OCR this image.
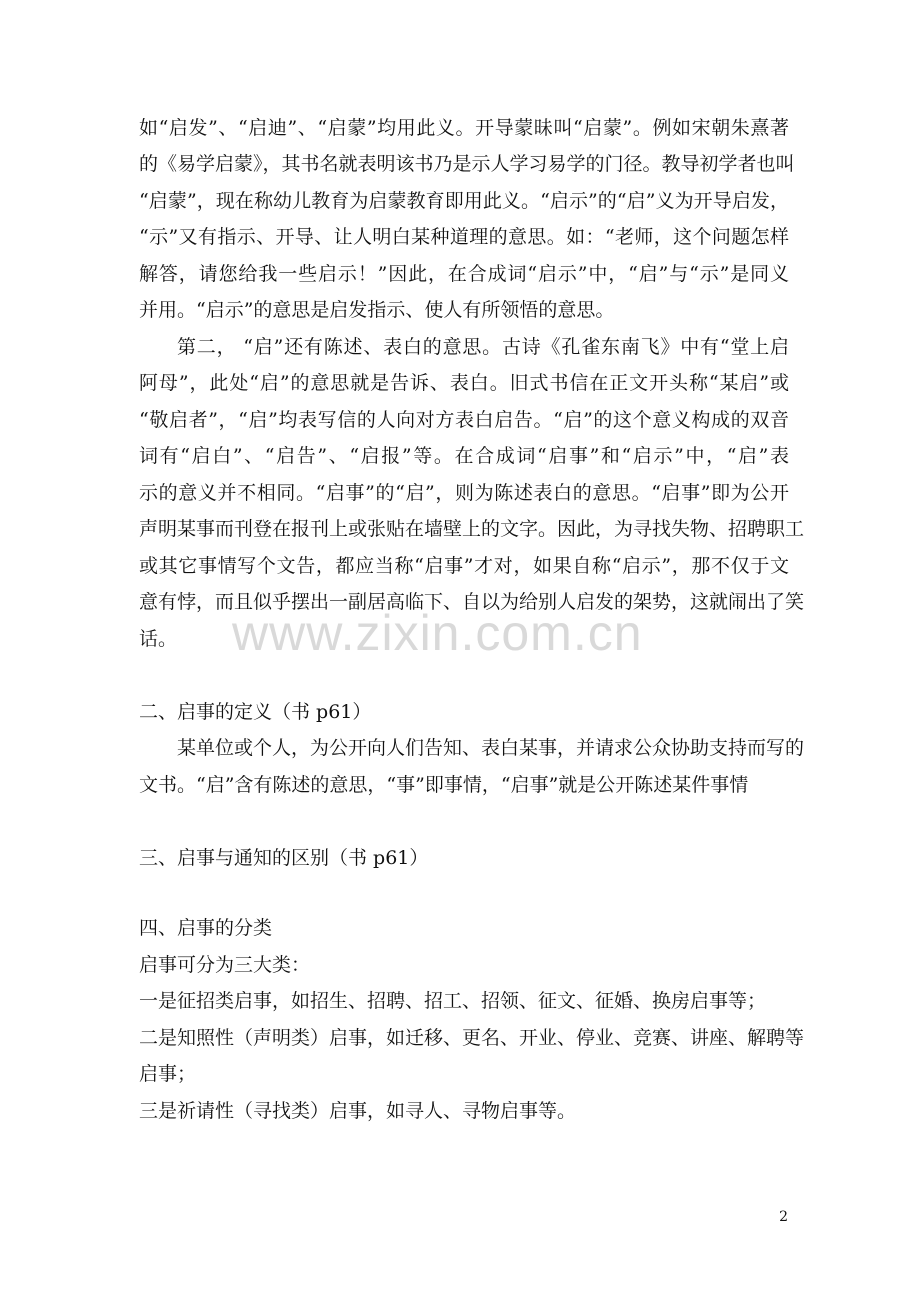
如“启发”、“启迪”、“启蒙”均用此义。开导蒙昧叫“启蒙”。例如宋朝朱熹著
的《易学启蒙》，其书名就表明该书乃是示人学习易学的门径。教导初学者也叫
“启蒙”，现在称幼儿教育为启蒙教育即用此义。“启示”的“启”义为开导启发，
“示”又有指示、开导、让人明白某种道理的意思。如：“老师，这个问题怎样
解答，请您给我一些启示！”因此，在合成词“启示”中，“启”与“示”是同义
并用。“启示”的意思是启发指示、使人有所领悟的意思。
第二， “启”还有陈述、表白的意思。古诗《孔雀东南飞》中有“堂上启
阿母”，此处“启”的意思就是告诉、表白。旧式书信在正文开头称“某启”或
“敬启者”，“启”均表写信的人向对方表白启告。“启”的这个意义构成的双音
词有“启白”、“启告”、“启报”等。在合成词“启事”和“启示”中，“启”表
示的意义并不相同。“启事”的“启”，则为陈述表白的意思。“启事”即为公开
声明某事而刊登在报刊上或张贴在墙壁上的文字。因此，为寻找失物、招聘职工
或其它事情写个文告，都应当称“启事”才对，如果自称“启示”，那不仅于文
意有悖，而且似乎摆出一副居高临下、自以为给别人启发的架势，这就闹出了笑
话。	www.zixin.com.cn
二、启事的定义（书 p61）
某单位或个人，为公开向人们告知、表白某事，并请求公众协助支持而写的
文书。“启”含有陈述的意思，“事”即事情，“启事”就是公开陈述某件事情
三、启事与通知的区别（书 p61）
四、启事的分类
启事可分为三大类：
一是征招类启事，如招生、招聘、招工、招领、征文、征婚、换房启事等；
二是知照性（声明类）启事，如迁移、更名、开业、停业、竞赛、讲座、解聘等
启事；
三是祈请性（寻找类）启事，如寻人、寻物启事等。
2
